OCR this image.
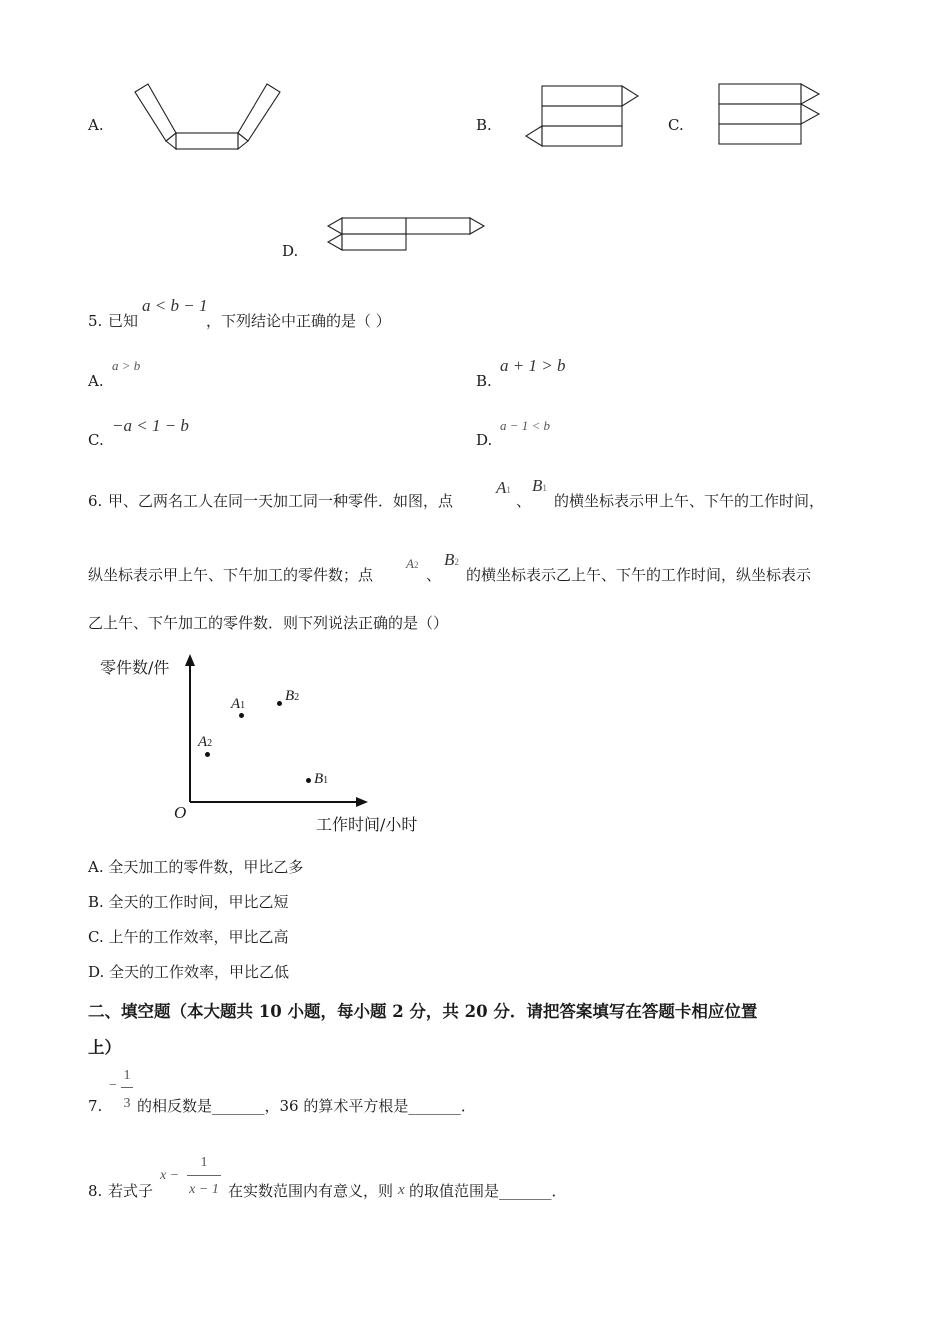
A.	B.	C.
D.
5. 已知
a < b − 1
，下列结论中正确的是（ ）
A.
a > b
B.
a + 1 > b
C.
−a < 1 − b
D.
a − 1 < b
6. 甲、乙两名工人在同一天加工同一种零件．如图，点
A1
、
B1
的横坐标表示甲上午、下午的工作时间，
纵坐标表示甲上午、下午加工的零件数；点
A2
、
B2
的横坐标表示乙上午、下午的工作时间，纵坐标表示
乙上午、下午加工的零件数．则下列说法正确的是（）
零件数/件
O
工作时间/小时
A1
B2
A2
B1
A. 全天加工的零件数，甲比乙多
B. 全天的工作时间，甲比乙短
C. 上午的工作效率，甲比乙高
D. 全天的工作效率，甲比乙低
二、填空题（本大题共 10 小题，每小题 2 分，共 20 分．请把答案填写在答题卡相应位置
上）
7.
−
1
3 的相反数是_______，36 的算术平方根是_______．
8. 若式子
x −
1
x − 1 在实数范围内有意义，则 x 的取值范围是_______．
